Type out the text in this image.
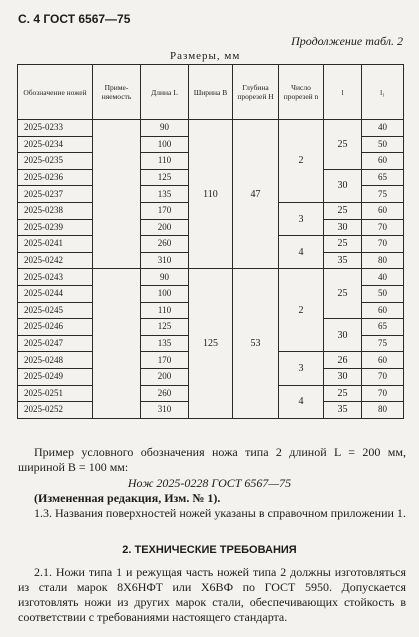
С. 4 ГОСТ 6567—75
Продолжение табл. 2
Размеры, мм
Обозначение ножей	Приме-няемость	Длина L	Ширина B	Глубина прорезей H	Число прорезей n	l	l₁
2025-0233		90	110	47	2	25	40
2025-0234		100					50
2025-0235		110					60
2025-0236		125				30	65
2025-0237		135					75
2025-0238		170			3	25	60
2025-0239		200				30	70
2025-0241		260			4	25	70
2025-0242		310				35	80
2025-0243		90	125	53	2	25	40
2025-0244		100					50
2025-0245		110					60
2025-0246		125				30	65
2025-0247		135					75
2025-0248		170			3	26	60
2025-0249		200				30	70
2025-0251		260			4	25	70
2025-0252		310				35	80
Пример условного обозначения ножа типа 2 длиной L = 200 мм, шириной B = 100 мм:
Нож 2025-0228 ГОСТ 6567—75
(Измененная редакция, Изм. № 1).
1.3. Названия поверхностей ножей указаны в справочном приложении 1.
2. ТЕХНИЧЕСКИЕ ТРЕБОВАНИЯ
2.1. Ножи типа 1 и режущая часть ножей типа 2 должны изготовляться из стали марок 8Х6НФТ или Х6ВФ по ГОСТ 5950. Допускается изготовлять ножи из других марок стали, обеспечивающих стойкость в соответствии с требованиями настоящего стандарта.
